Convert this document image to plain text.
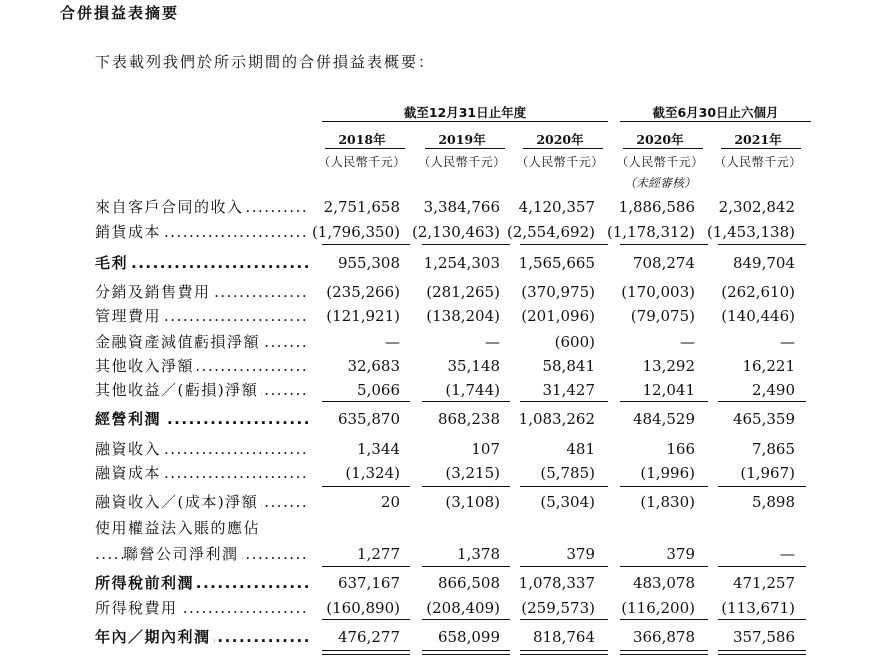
合併損益表摘要
下表載列我們於所示期間的合併損益表概要：
截至12月31日止年度	截至6月30日止六個月
2018年	2019年	2020年	2020年	2021年
（人民幣千元）	（人民幣千元） （人民幣千元）	（人民幣千元） （人民幣千元）
（未經審核）
來自客戶合同的收入 .....	2,751,658	3,384,766	4,120,357	1,886,586	2,302,842
銷貨成本 .....	(1,796,350) (2,130,463) (2,554,692) (1,178,312) (1,453,138)
毛利 .....	955,308	1,254,303	1,565,665	708,274	849,704
分銷及銷售費用 .....	(235,266)	(281,265)	(370,975)	(170,003)	(262,610)
管理費用 .....	(121,921)	(138,204)	(201,096)	(79,075)	(140,446)
金融資產減值虧損淨額 .....	—	—	(600)	—	—
其他收入淨額 .....	32,683	35,148	58,841	13,292	16,221
其他收益／(虧損)淨額 .....	5,066	(1,744)	31,427	12,041	2,490
經營利潤 .....	635,870	868,238	1,083,262	484,529	465,359
融資收入 .....	1,344	107	481	166	7,865
融資成本 .....	(1,324)	(3,215)	(5,785)	(1,996)	(1,967)
融資收入／(成本)淨額 .....	20	(3,108)	(5,304)	(1,830)	5,898
使用權益法入賬的應佔
聯營公司淨利潤 .....	1,277	1,378	379	379	—
所得稅前利潤 .....	637,167	866,508	1,078,337	483,078	471,257
所得稅費用 .....	(160,890)	(208,409)	(259,573)	(116,200)	(113,671)
年內／期內利潤 .....	476,277	658,099	818,764	366,878	357,586
